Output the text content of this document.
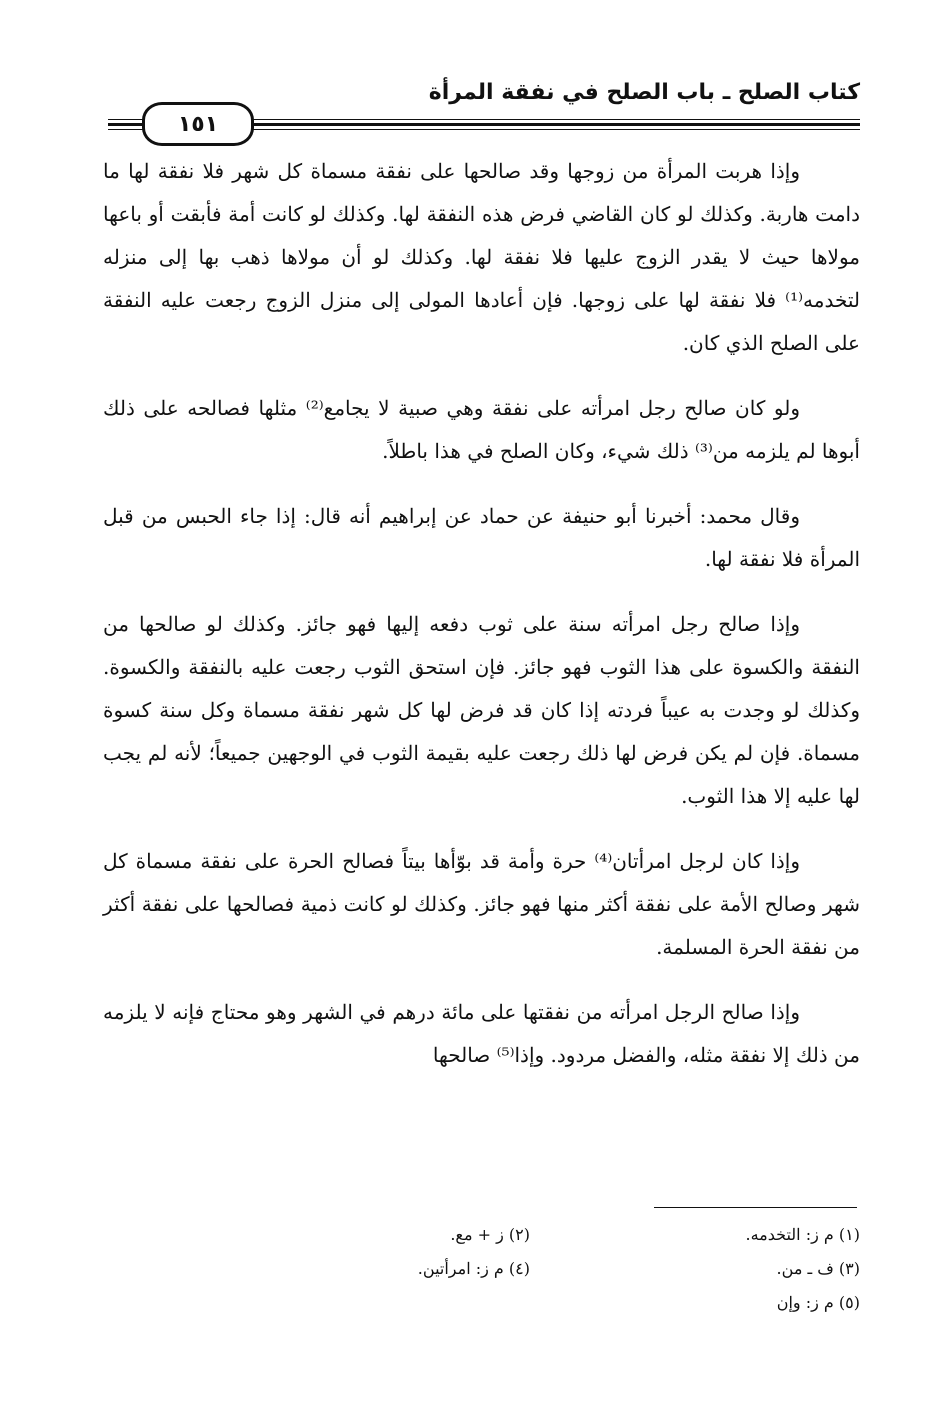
كتاب الصلح ـ باب الصلح في نفقة المرأة
١٥١

وإذا هربت المرأة من زوجها وقد صالحها على نفقة مسماة كل شهر فلا نفقة لها ما دامت هاربة. وكذلك لو كان القاضي فرض هذه النفقة لها. وكذلك لو كانت أمة فأبقت أو باعها مولاها حيث لا يقدر الزوج عليها فلا نفقة لها. وكذلك لو أن مولاها ذهب بها إلى منزله لتخدمه⁽¹⁾ فلا نفقة لها على زوجها. فإن أعادها المولى إلى منزل الزوج رجعت عليه النفقة على الصلح الذي كان.

ولو كان صالح رجل امرأته على نفقة وهي صبية لا يجامع⁽²⁾ مثلها فصالحه على ذلك أبوها لم يلزمه من⁽³⁾ ذلك شيء، وكان الصلح في هذا باطلاً.

وقال محمد: أخبرنا أبو حنيفة عن حماد عن إبراهيم أنه قال: إذا جاء الحبس من قبل المرأة فلا نفقة لها.

وإذا صالح رجل امرأته سنة على ثوب دفعه إليها فهو جائز. وكذلك لو صالحها من النفقة والكسوة على هذا الثوب فهو جائز. فإن استحق الثوب رجعت عليه بالنفقة والكسوة. وكذلك لو وجدت به عيباً فردته إذا كان قد فرض لها كل شهر نفقة مسماة وكل سنة كسوة مسماة. فإن لم يكن فرض لها ذلك رجعت عليه بقيمة الثوب في الوجهين جميعاً؛ لأنه لم يجب لها عليه إلا هذا الثوب.

وإذا كان لرجل امرأتان⁽⁴⁾ حرة وأمة قد بوّأها بيتاً فصالح الحرة على نفقة مسماة كل شهر وصالح الأمة على نفقة أكثر منها فهو جائز. وكذلك لو كانت ذمية فصالحها على نفقة أكثر من نفقة الحرة المسلمة.

وإذا صالح الرجل امرأته من نفقتها على مائة درهم في الشهر وهو محتاج فإنه لا يلزمه من ذلك إلا نفقة مثله، والفضل مردود. وإذا⁽⁵⁾ صالحها

(١) م ز: التخدمه.
(٢) ز + مع.
(٣) ف ـ من.
(٤) م ز: امرأتين.
(٥) م ز: وإن
